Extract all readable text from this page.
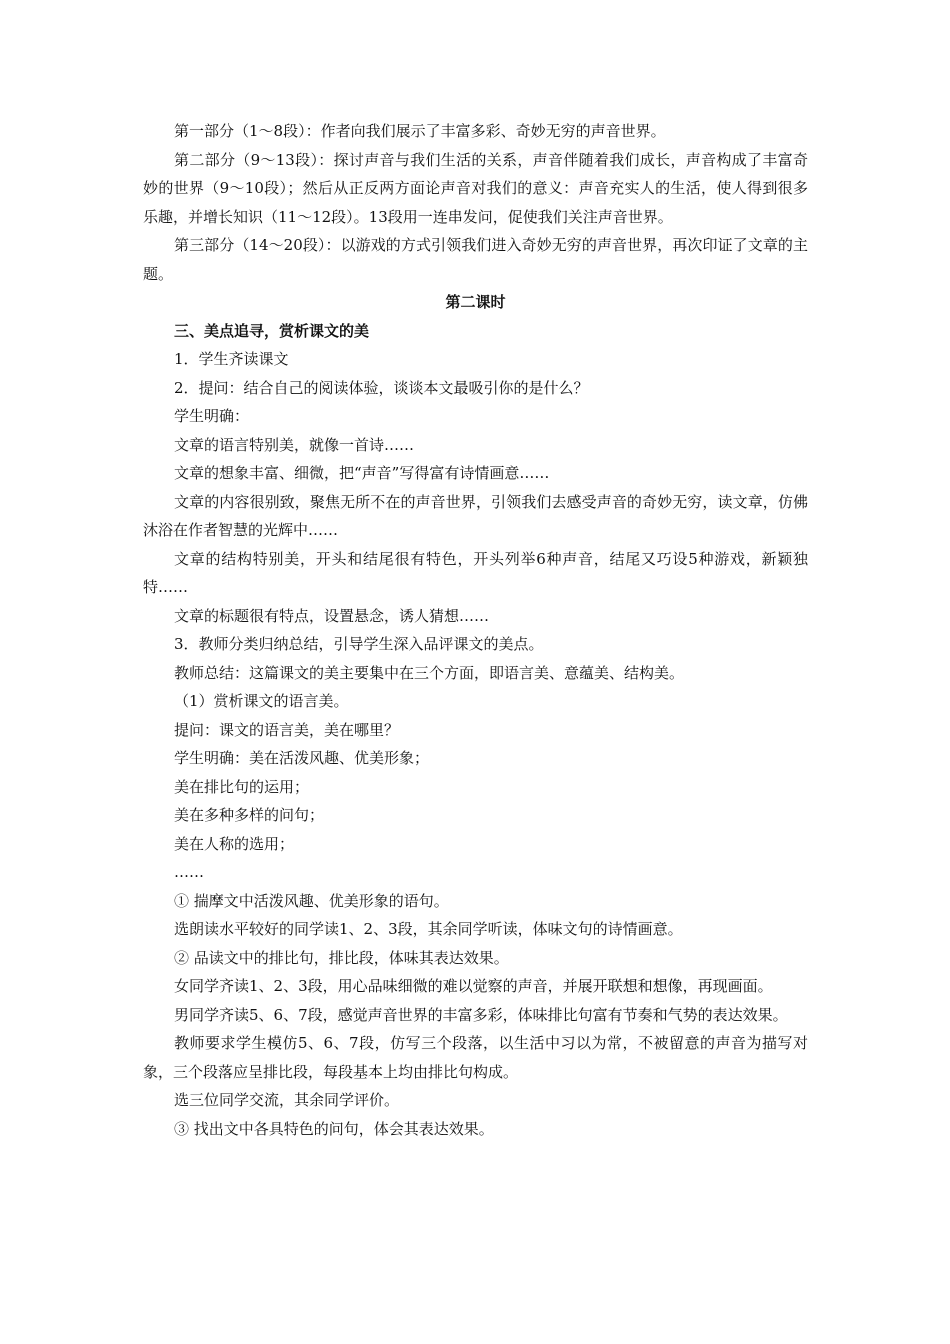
第一部分（1～8段）：作者向我们展示了丰富多彩、奇妙无穷的声音世界。

第二部分（9～13段）：探讨声音与我们生活的关系，声音伴随着我们成长，声音构成了丰富奇妙的世界（9～10段）；然后从正反两方面论声音对我们的意义：声音充实人的生活，使人得到很多乐趣，并增长知识（11～12段）。13段用一连串发问，促使我们关注声音世界。

第三部分（14～20段）：以游戏的方式引领我们进入奇妙无穷的声音世界，再次印证了文章的主题。

第二课时

三、美点追寻，赏析课文的美

1．学生齐读课文

2．提问：结合自己的阅读体验，谈谈本文最吸引你的是什么？

学生明确：

文章的语言特别美，就像一首诗……

文章的想象丰富、细微，把“声音”写得富有诗情画意……

文章的内容很别致，聚焦无所不在的声音世界，引领我们去感受声音的奇妙无穷，读文章，仿佛沐浴在作者智慧的光辉中……

文章的结构特别美，开头和结尾很有特色，开头列举6种声音，结尾又巧设5种游戏，新颖独特……

文章的标题很有特点，设置悬念，诱人猜想……

3．教师分类归纳总结，引导学生深入品评课文的美点。

教师总结：这篇课文的美主要集中在三个方面，即语言美、意蕴美、结构美。

（1）赏析课文的语言美。

提问：课文的语言美，美在哪里？

学生明确：美在活泼风趣、优美形象；

美在排比句的运用；

美在多种多样的问句；

美在人称的选用；

……

① 揣摩文中活泼风趣、优美形象的语句。

选朗读水平较好的同学读1、2、3段，其余同学听读，体味文句的诗情画意。

② 品读文中的排比句，排比段，体味其表达效果。

女同学齐读1、2、3段，用心品味细微的难以觉察的声音，并展开联想和想像，再现画面。

男同学齐读5、6、7段，感觉声音世界的丰富多彩，体味排比句富有节奏和气势的表达效果。

教师要求学生模仿5、6、7段，仿写三个段落，以生活中习以为常，不被留意的声音为描写对象，三个段落应呈排比段，每段基本上均由排比句构成。

选三位同学交流，其余同学评价。

③ 找出文中各具特色的问句，体会其表达效果。
